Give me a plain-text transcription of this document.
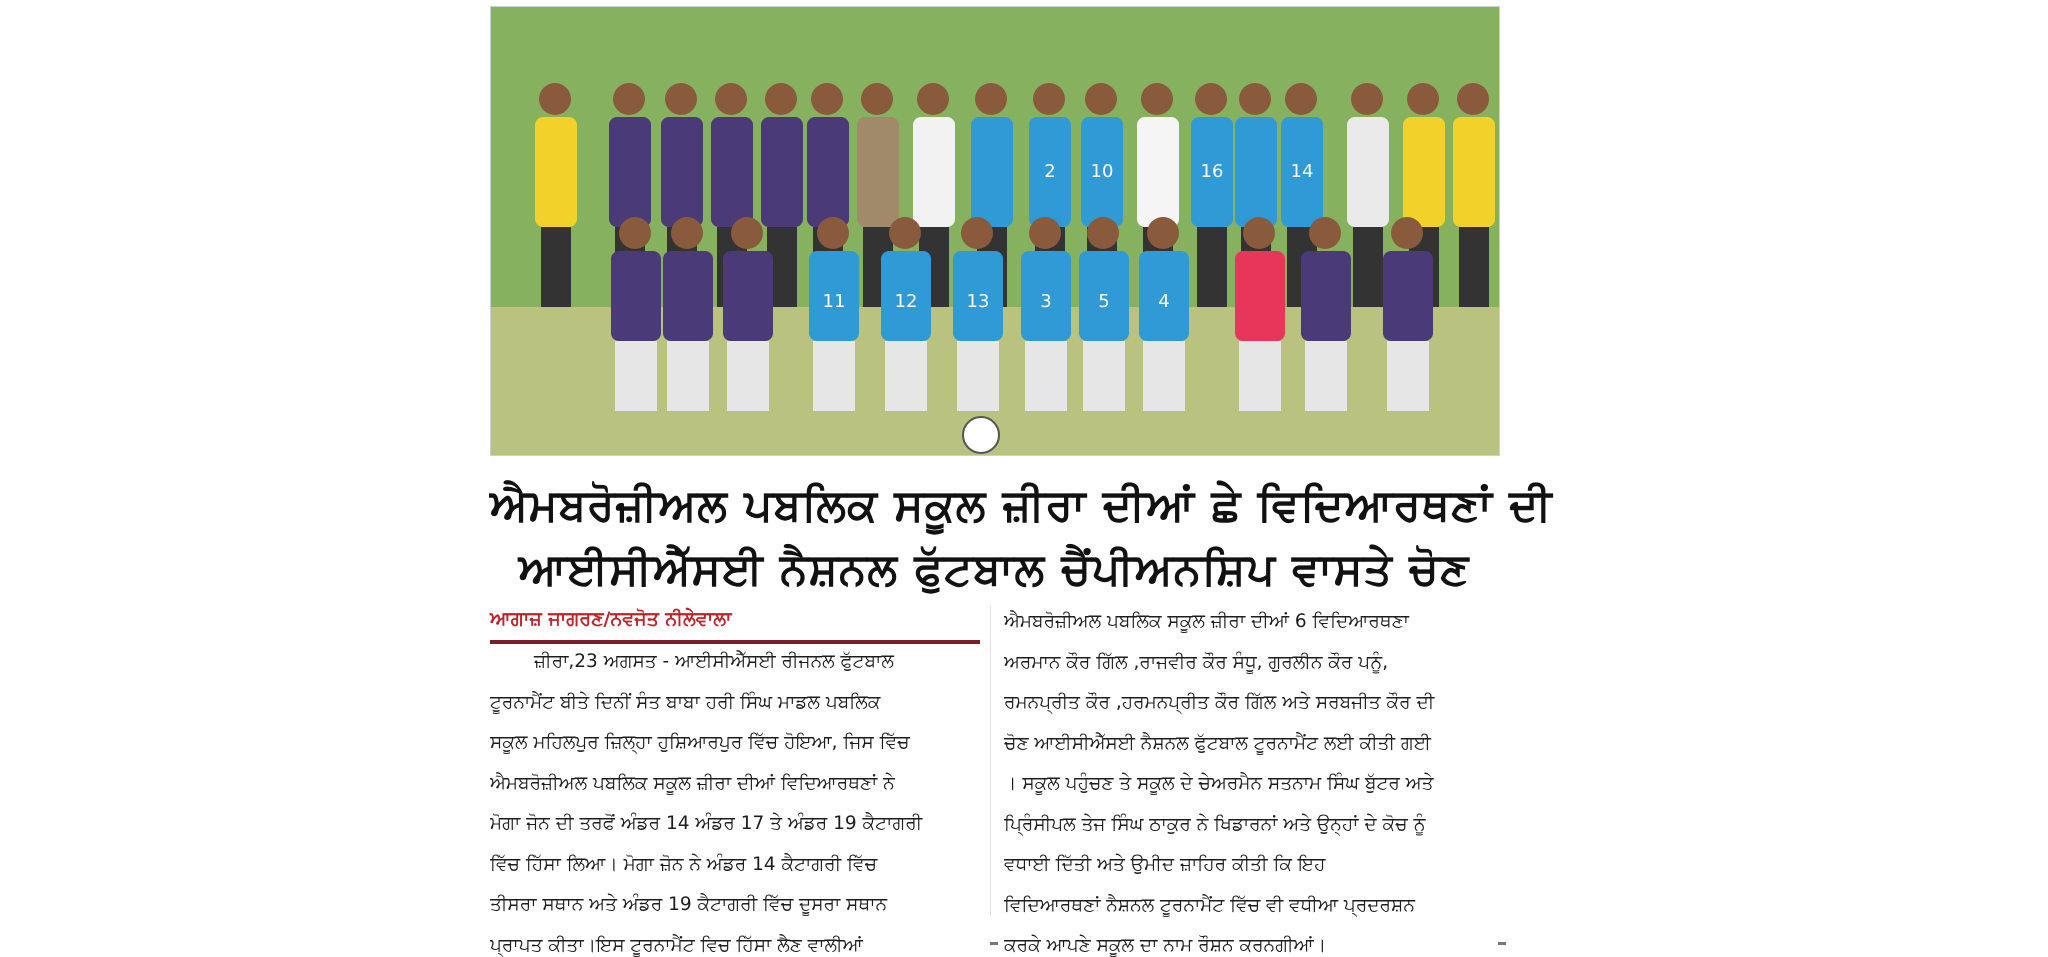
2 10	16	14
11	12	13	3	5	4
ਐਮਬਰੋਜ਼ੀਅਲ ਪਬਲਿਕ ਸਕੂਲ ਜ਼ੀਰਾ ਦੀਆਂ ਛੇ ਵਿਦਿਆਰਥਣਾਂ ਦੀ
ਆਈਸੀਐੱਸਈ ਨੈਸ਼ਨਲ ਫੁੱਟਬਾਲ ਚੈਂਪੀਅਨਸ਼ਿਪ ਵਾਸਤੇ ਚੋਣ
ਆਗਾਜ਼ ਜਾਗਰਣ/ਨਵਜੋਤ ਨੀਲੇਵਾਲਾ

ਜ਼ੀਰਾ,23 ਅਗਸਤ - ਆਈਸੀਐੱਸਈ ਰੀਜਨਲ ਫੁੱਟਬਾਲ

ਟੂਰਨਾਮੈਂਟ ਬੀਤੇ ਦਿਨੀਂ ਸੰਤ ਬਾਬਾ ਹਰੀ ਸਿੰਘ ਮਾਡਲ ਪਬਲਿਕ

ਸਕੂਲ ਮਹਿਲਪੁਰ ਜ਼ਿਲ੍ਹਾ ਹੁਸ਼ਿਆਰਪੁਰ ਵਿੱਚ ਹੋਇਆ, ਜਿਸ ਵਿੱਚ

ਐਮਬਰੋਜ਼ੀਅਲ ਪਬਲਿਕ ਸਕੂਲ ਜ਼ੀਰਾ ਦੀਆਂ ਵਿਦਿਆਰਥਣਾਂ ਨੇ

ਮੋਗਾ ਜੋਨ ਦੀ ਤਰਫੋਂ ਅੰਡਰ 14 ਅੰਡਰ 17 ਤੇ ਅੰਡਰ 19 ਕੈਟਾਗਰੀ

ਵਿੱਚ ਹਿੱਸਾ ਲਿਆ। ਮੋਗਾ ਜ਼ੋਨ ਨੇ ਅੰਡਰ 14 ਕੈਟਾਗਰੀ ਵਿੱਚ

ਤੀਸਰਾ ਸਥਾਨ ਅਤੇ ਅੰਡਰ 19 ਕੈਟਾਗਰੀ ਵਿੱਚ ਦੂਸਰਾ ਸਥਾਨ

ਪ੍ਰਾਪਤ ਕੀਤਾ।ਇਸ ਟੂਰਨਾਮੈਂਟ ਵਿਚ ਹਿੱਸਾ ਲੈਣ ਵਾਲੀਆਂ

ਐਮਬਰੋਜ਼ੀਅਲ ਪਬਲਿਕ ਸਕੂਲ ਜ਼ੀਰਾ ਦੀਆਂ 6 ਵਿਦਿਆਰਥਣਾ

ਅਰਮਾਨ ਕੌਰ ਗਿੱਲ ,ਰਾਜਵੀਰ ਕੌਰ ਸੰਧੂ, ਗੁਰਲੀਨ ਕੌਰ ਪਨੂੰ,

ਰਮਨਪ੍ਰੀਤ ਕੌਰ ,ਹਰਮਨਪ੍ਰੀਤ ਕੌਰ ਗਿੱਲ ਅਤੇ ਸਰਬਜੀਤ ਕੌਰ ਦੀ

ਚੋਣ ਆਈਸੀਐੱਸਈ ਨੈਸ਼ਨਲ ਫੁੱਟਬਾਲ ਟੂਰਨਾਮੈਂਟ ਲਈ ਕੀਤੀ ਗਈ

। ਸਕੂਲ ਪਹੁੰਚਣ ਤੇ ਸਕੂਲ ਦੇ ਚੇਅਰਮੈਨ ਸਤਨਾਮ ਸਿੰਘ ਬੁੱਟਰ ਅਤੇ

ਪ੍ਰਿੰਸੀਪਲ ਤੇਜ ਸਿੰਘ ਠਾਕੁਰ ਨੇ ਖਿਡਾਰਨਾਂ ਅਤੇ ਉਨ੍ਹਾਂ ਦੇ ਕੋਚ ਨੂੰ

ਵਧਾਈ ਦਿੱਤੀ ਅਤੇ ਉਮੀਦ ਜ਼ਾਹਿਰ ਕੀਤੀ ਕਿ ਇਹ

ਵਿਦਿਆਰਥਣਾਂ ਨੈਸ਼ਨਲ ਟੂਰਨਾਮੈਂਟ ਵਿੱਚ ਵੀ ਵਧੀਆ ਪ੍ਰਦਰਸ਼ਨ

ਕਰਕੇ ਆਪਣੇ ਸਕੂਲ ਦਾ ਨਾਮ ਰੌਸ਼ਨ ਕਰਨਗੀਆਂ।
